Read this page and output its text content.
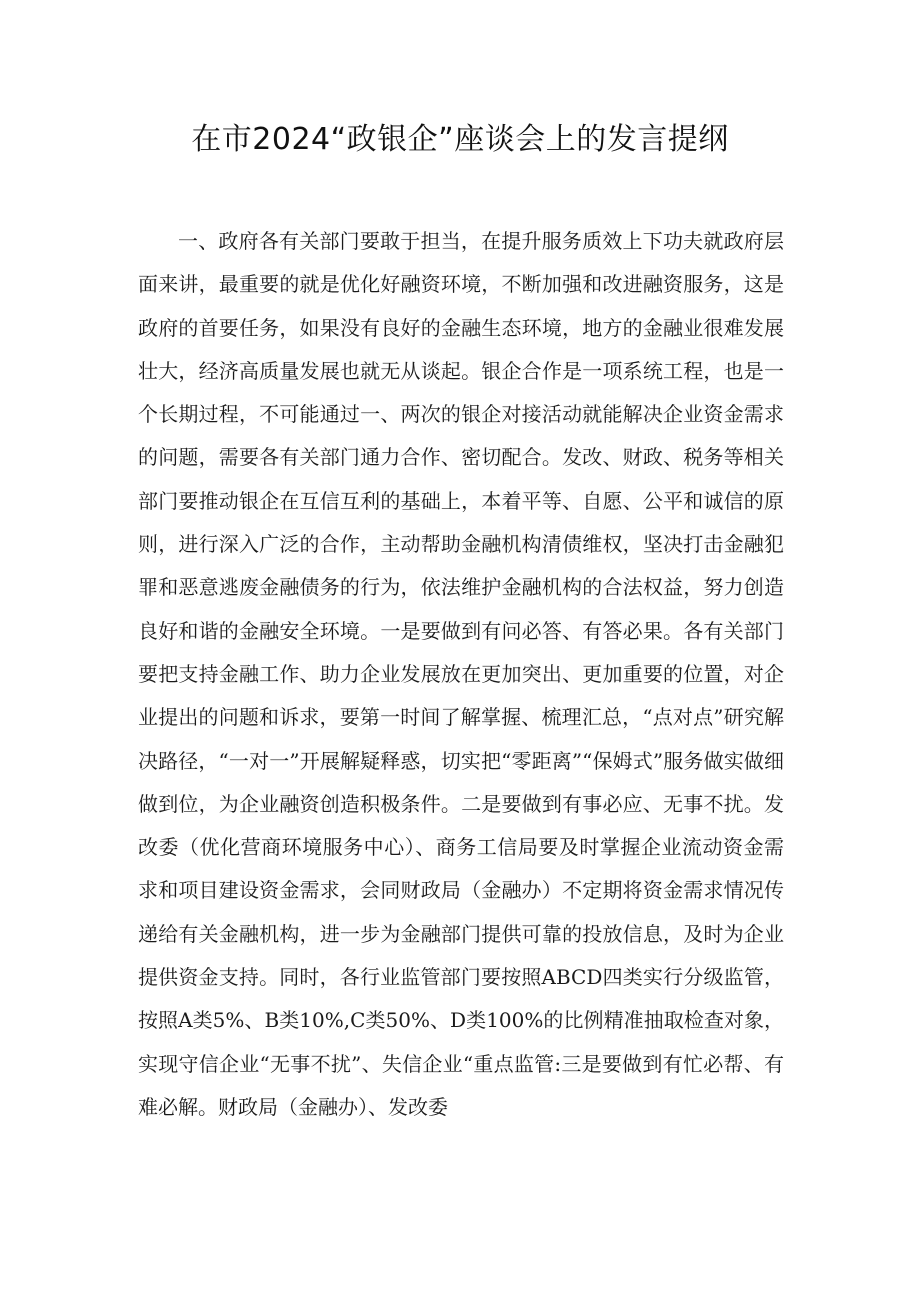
在市2024“政银企”座谈会上的发言提纲

一、政府各有关部门要敢于担当，在提升服务质效上下功夫就政府层面来讲，最重要的就是优化好融资环境，不断加强和改进融资服务，这是政府的首要任务，如果没有良好的金融生态环境，地方的金融业很难发展壮大，经济高质量发展也就无从谈起。银企合作是一项系统工程，也是一个长期过程，不可能通过一、两次的银企对接活动就能解决企业资金需求的问题，需要各有关部门通力合作、密切配合。发改、财政、税务等相关部门要推动银企在互信互利的基础上，本着平等、自愿、公平和诚信的原则，进行深入广泛的合作，主动帮助金融机构清债维权，坚决打击金融犯罪和恶意逃废金融债务的行为，依法维护金融机构的合法权益，努力创造良好和谐的金融安全环境。一是要做到有问必答、有答必果。各有关部门要把支持金融工作、助力企业发展放在更加突出、更加重要的位置，对企业提出的问题和诉求，要第一时间了解掌握、梳理汇总，“点对点”研究解决路径，“一对一”开展解疑释惑，切实把“零距离”“保姆式”服务做实做细做到位，为企业融资创造积极条件。二是要做到有事必应、无事不扰。发改委（优化营商环境服务中心）、商务工信局要及时掌握企业流动资金需求和项目建设资金需求，会同财政局（金融办）不定期将资金需求情况传递给有关金融机构，进一步为金融部门提供可靠的投放信息，及时为企业提供资金支持。同时，各行业监管部门要按照ABCD四类实行分级监管，按照A类5%、B类10%,C类50%、D类100%的比例精准抽取检查对象，实现守信企业“无事不扰”、失信企业“重点监管:三是要做到有忙必帮、有难必解。财政局（金融办）、发改委
